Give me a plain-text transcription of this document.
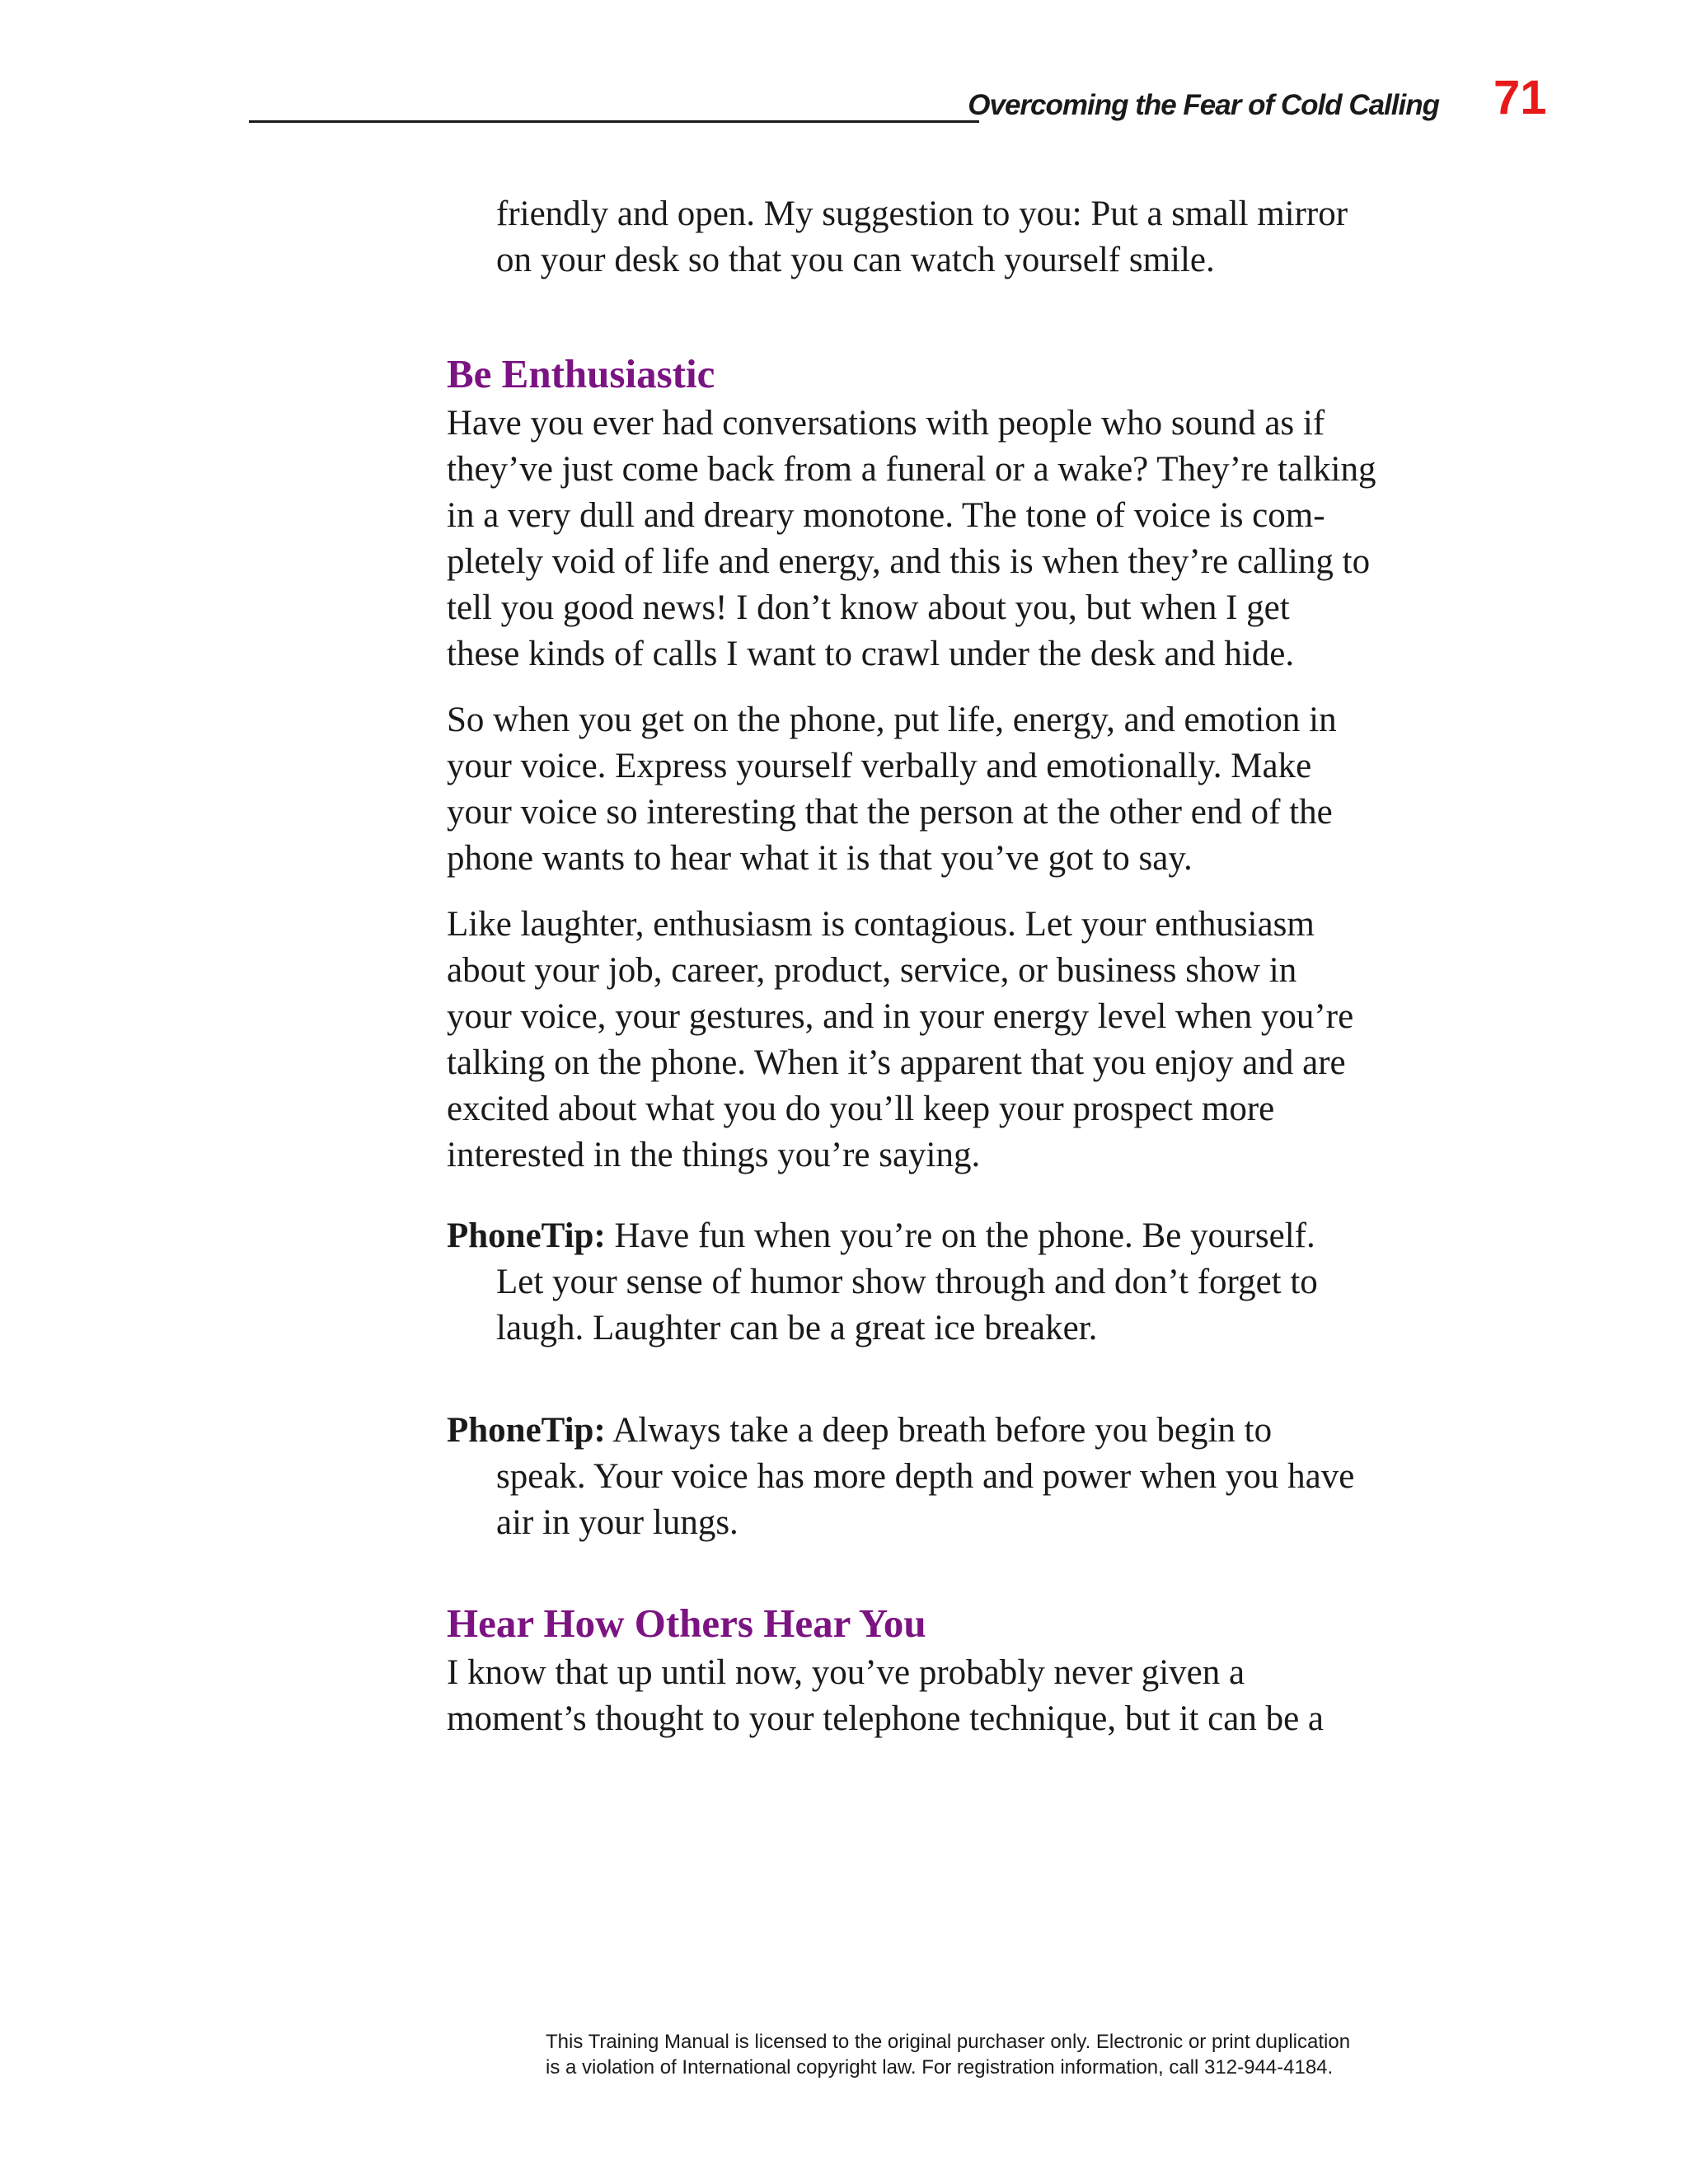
Overcoming the Fear of Cold Calling 71

friendly and open. My suggestion to you: Put a small mirror

on your desk so that you can watch yourself smile.

Be Enthusiastic

Have you ever had conversations with people who sound as if

they’ve just come back from a funeral or a wake? They’re talking

in a very dull and dreary monotone. The tone of voice is com-

pletely void of life and energy, and this is when they’re calling to

tell you good news! I don’t know about you, but when I get

these kinds of calls I want to crawl under the desk and hide.

So when you get on the phone, put life, energy, and emotion in

your voice. Express yourself verbally and emotionally. Make

your voice so interesting that the person at the other end of the

phone wants to hear what it is that you’ve got to say.

Like laughter, enthusiasm is contagious. Let your enthusiasm

about your job, career, product, service, or business show in

your voice, your gestures, and in your energy level when you’re

talking on the phone. When it’s apparent that you enjoy and are

excited about what you do you’ll keep your prospect more

interested in the things you’re saying.

PhoneTip: Have fun when you’re on the phone. Be yourself.

Let your sense of humor show through and don’t forget to

laugh. Laughter can be a great ice breaker.

PhoneTip: Always take a deep breath before you begin to

speak. Your voice has more depth and power when you have

air in your lungs.

Hear How Others Hear You

I know that up until now, you’ve probably never given a

moment’s thought to your telephone technique, but it can be a

This Training Manual is licensed to the original purchaser only. Electronic or print duplication
is a violation of International copyright law. For registration information, call 312-944-4184.
